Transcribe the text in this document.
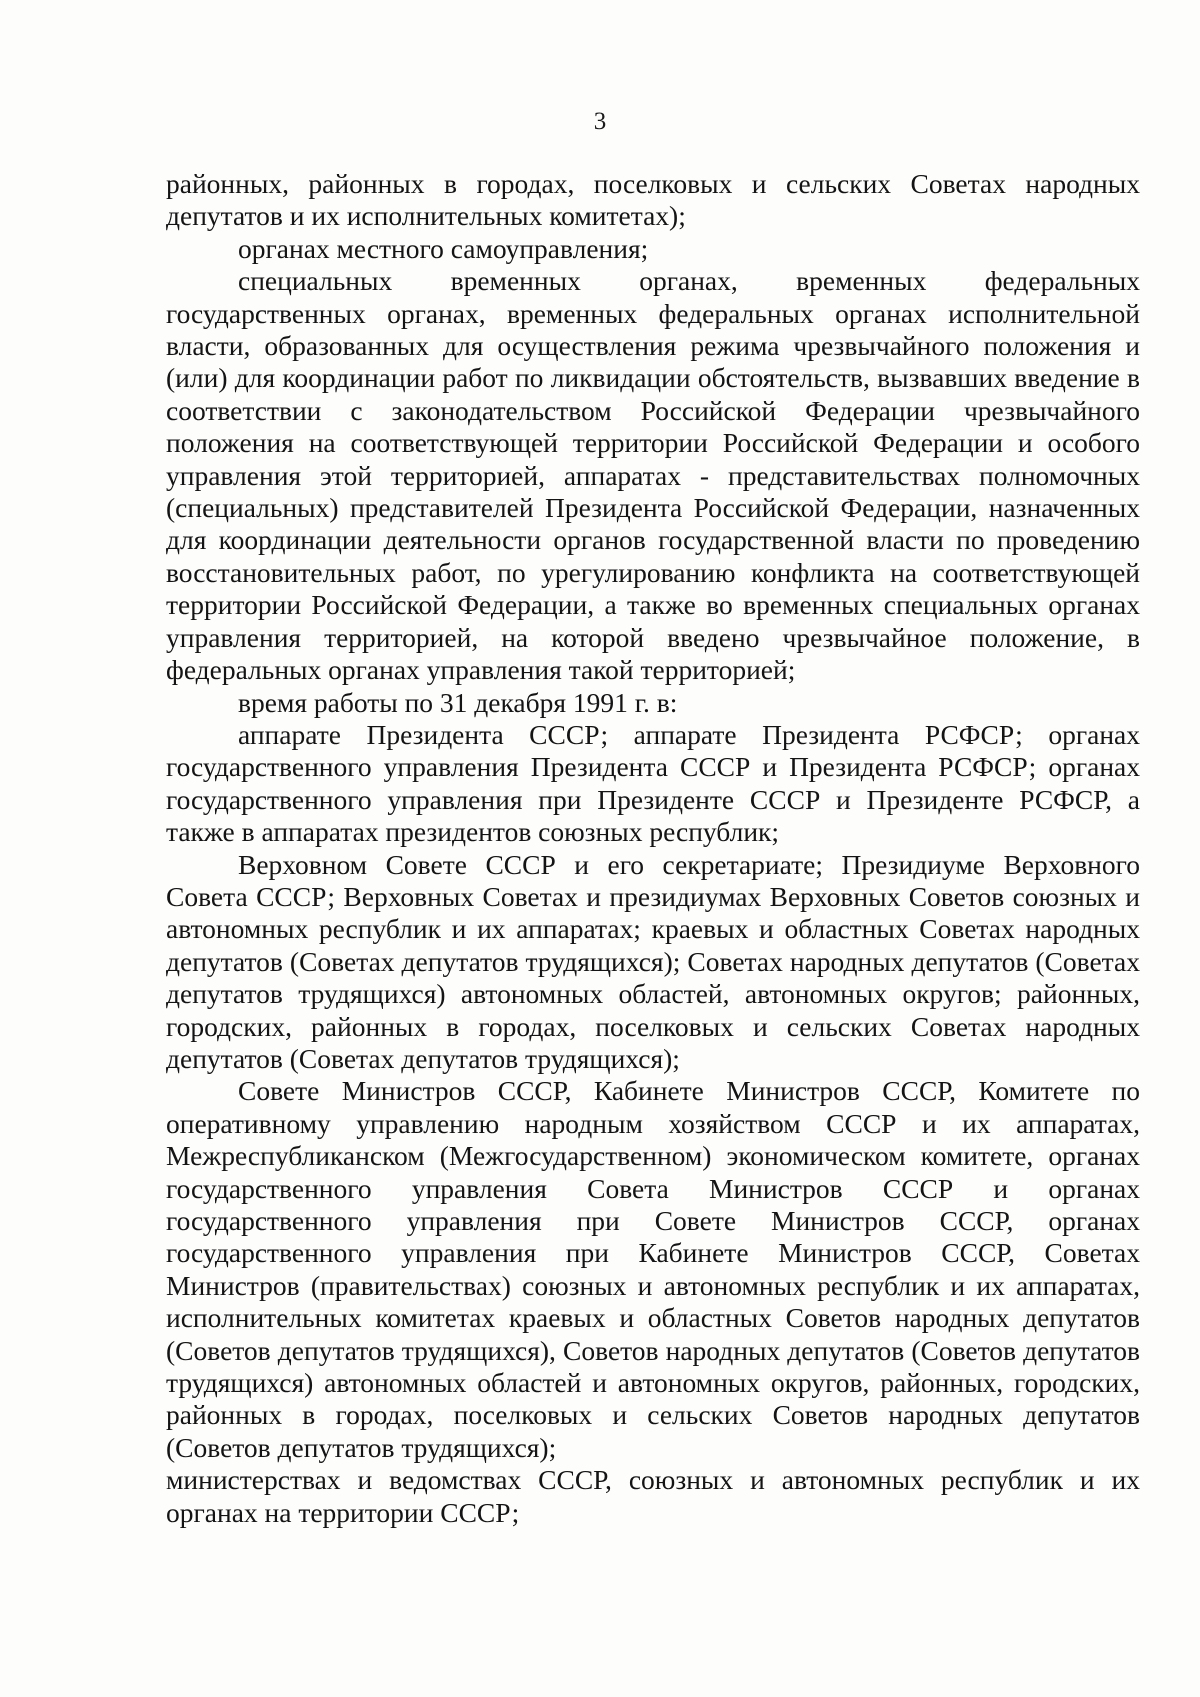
3

районных, районных в городах, поселковых и сельских Советах народных депутатов и их исполнительных комитетах);

органах местного самоуправления;

специальных временных органах, временных федеральных государственных органах, временных федеральных органах исполнительной власти, образованных для осуществления режима чрезвычайного положения и (или) для координации работ по ликвидации обстоятельств, вызвавших введение в соответствии с законодательством Российской Федерации чрезвычайного положения на соответствующей территории Российской Федерации и особого управления этой территорией, аппаратах - представительствах полномочных (специальных) представителей Президента Российской Федерации, назначенных для координации деятельности органов государственной власти по проведению восстановительных работ, по урегулированию конфликта на соответствующей территории Российской Федерации, а также во временных специальных органах управления территорией, на которой введено чрезвычайное положение, в федеральных органах управления такой территорией;

время работы по 31 декабря 1991 г. в:

аппарате Президента СССР; аппарате Президента РСФСР; органах государственного управления Президента СССР и Президента РСФСР; органах государственного управления при Президенте СССР и Президенте РСФСР, а также в аппаратах президентов союзных республик;

Верховном Совете СССР и его секретариате; Президиуме Верховного Совета СССР; Верховных Советах и президиумах Верховных Советов союзных и автономных республик и их аппаратах; краевых и областных Советах народных депутатов (Советах депутатов трудящихся); Советах народных депутатов (Советах депутатов трудящихся) автономных областей, автономных округов; районных, городских, районных в городах, поселковых и сельских Советах народных депутатов (Советах депутатов трудящихся);

Совете Министров СССР, Кабинете Министров СССР, Комитете по оперативному управлению народным хозяйством СССР и их аппаратах, Межреспубликанском (Межгосударственном) экономическом комитете, органах государственного управления Совета Министров СССР и органах государственного управления при Совете Министров СССР, органах государственного управления при Кабинете Министров СССР, Советах Министров (правительствах) союзных и автономных республик и их аппаратах, исполнительных комитетах краевых и областных Советов народных депутатов (Советов депутатов трудящихся), Советов народных депутатов (Советов депутатов трудящихся) автономных областей и автономных округов, районных, городских, районных в городах, поселковых и сельских Советов народных депутатов (Советов депутатов трудящихся);

министерствах и ведомствах СССР, союзных и автономных республик и их органах на территории СССР;
